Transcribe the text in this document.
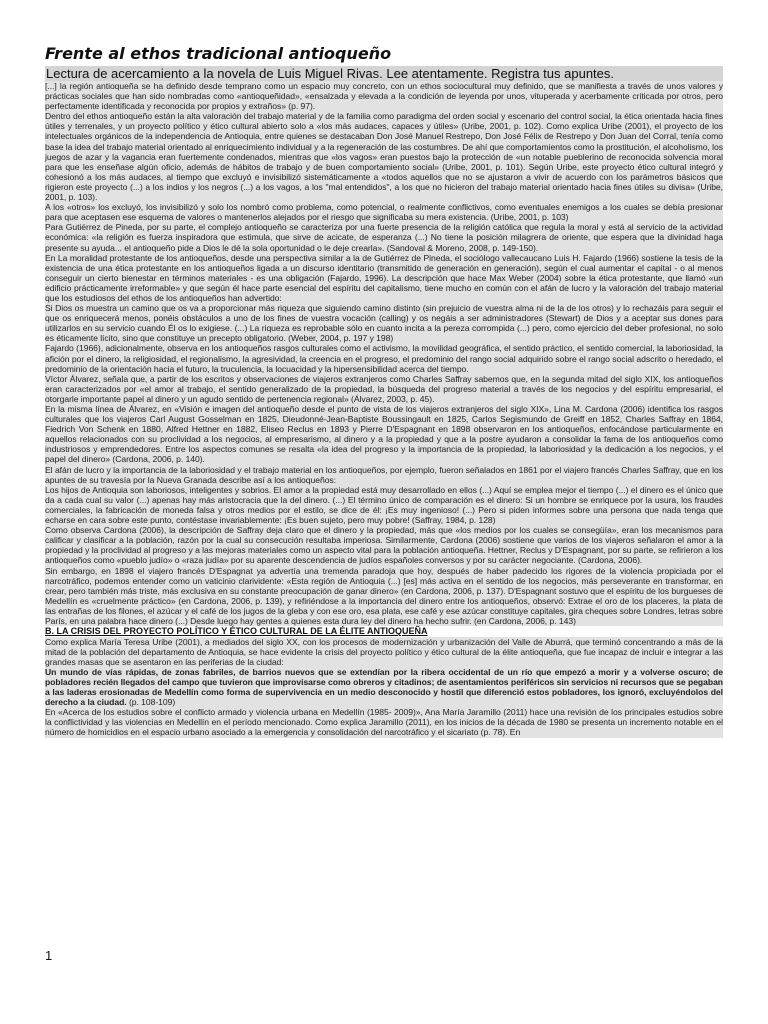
Frente al ethos tradicional antioqueño

Lectura de acercamiento a la novela de Luis Miguel Rivas. Lee atentamente. Registra tus apuntes.

[...] la región antioqueña se ha definido desde temprano como un espacio muy concreto, con un ethos sociocultural muy definido, que se manifiesta a través de unos valores y prácticas sociales que han sido nombradas como «antioqueñidad», «ensalzada y elevada a la condición de leyenda por unos, vituperada y acerbamente criticada por otros, pero perfectamente identificada y reconocida por propios y extraños» (p. 97).

Dentro del ethos antioqueño están la alta valoración del trabajo material y de la familia como paradigma del orden social y escenario del control social, la ética orientada hacia fines útiles y terrenales, y un proyecto político y ético cultural abierto solo a «los más audaces, capaces y útiles» (Uribe, 2001, p. 102). Como explica Uribe (2001), el proyecto de los intelectuales orgánicos de la independencia de Antioquia, entre quienes se destacaban Don José Manuel Restrepo, Don José Félix de Restrepo y Don Juan del Corral, tenía como base la idea del trabajo material orientado al enriquecimiento individual y a la regeneración de las costumbres. De ahí que comportamientos como la prostitución, el alcoholismo, los juegos de azar y la vagancia eran fuertemente condenados, mientras que «los vagos» eran puestos bajo la protección de «un notable pueblerino de reconocida solvencia moral para que les enseñase algún oficio, además de hábitos de trabajo y de buen comportamiento social» (Uribe, 2001, p. 101). Según Uribe, este proyecto ético cultural integró y cohesionó a los más audaces, al tiempo que excluyó e invisibilizó sistemáticamente a «todos aquellos que no se ajustaron a vivir de acuerdo con los parámetros básicos que rigieron este proyecto (...) a los indios y los negros (...) a los vagos, a los "mal entendidos", a los que no hicieron del trabajo material orientado hacia fines útiles su divisa» (Uribe, 2001, p. 103).

A los «otros» los excluyó, los invisibilizó y solo los nombró como problema, como potencial, o realmente conflictivos, como eventuales enemigos a los cuales se debía presionar para que aceptasen ese esquema de valores o mantenerlos alejados por el riesgo que significaba su mera existencia. (Uribe, 2001, p. 103)

Para Gutiérrez de Pineda, por su parte, el complejo antioqueño se caracteriza por una fuerte presencia de la religión católica que regula la moral y está al servicio de la actividad económica: «la religión es fuerza inspiradora que estimula, que sirve de acicate, de esperanza (...) No tiene la posición milagrera de oriente, que espera que la divinidad haga presente su ayuda... el antioqueño pide a Dios le dé la sola oportunidad o le deje crearla». (Sandoval & Moreno, 2008, p. 149-150).

En La moralidad protestante de los antioqueños, desde una perspectiva similar a la de Gutiérrez de Pineda, el sociólogo vallecaucano Luis H. Fajardo (1966) sostiene la tesis de la existencia de una ética protestante en los antioqueños ligada a un discurso identitario (transmitido de generación en generación), según el cual aumentar el capital - o al menos conseguir un cierto bienestar en términos materiales - es una obligación (Fajardo, 1996). La descripción que hace Max Weber (2004) sobre la ética protestante, que llamó «un edificio prácticamente irreformable» y que según él hace parte esencial del espíritu del capitalismo, tiene mucho en común con el afán de lucro y la valoración del trabajo material que los estudiosos del ethos de los antioqueños han advertido:

Si Dios os muestra un camino que os va a proporcionar más riqueza que siguiendo camino distinto (sin prejuicio de vuestra alma ni de la de los otros) y lo rechazáis para seguir el que os enriquecerá menos, ponéis obstáculos a uno de los fines de vuestra vocación (calling) y os negáis a ser administradores (Stewart) de Dios y a aceptar sus dones para utilizarlos en su servicio cuando Él os lo exigiese. (...) La riqueza es reprobable sólo en cuanto incita a la pereza corrompida (...) pero, como ejercicio del deber profesional, no solo es éticamente lícito, sino que constituye un precepto obligatorio. (Weber, 2004, p. 197 y 198)

Fajardo (1966), adicionalmente, observa en los antioqueños rasgos culturales como el activismo, la movilidad geográfica, el sentido práctico, el sentido comercial, la laboriosidad, la afición por el dinero, la religiosidad, el regionalismo, la agresividad, la creencia en el progreso, el predominio del rango social adquirido sobre el rango social adscrito o heredado, el predominio de la orientación hacia el futuro, la truculencia, la locuacidad y la hipersensibilidad acerca del tiempo.

Víctor Álvarez, señala que, a partir de los escritos y observaciones de viajeros extranjeros como Charles Saffray sabemos que, en la segunda mitad del siglo XIX, los antioqueños eran caracterizados por «el amor al trabajo, el sentido generalizado de la propiedad, la búsqueda del progreso material a través de los negocios y del espíritu empresarial, el otorgarle importante papel al dinero y un agudo sentido de pertenencia regional» (Álvarez, 2003, p. 45).

En la misma línea de Álvarez, en «Visión e imagen del antioqueño desde el punto de vista de los viajeros extranjeros del siglo XIX», Lina M. Cardona (2006) identifica los rasgos culturales que los viajeros Carl August Gosselman en 1825, Dieudonné-Jean-Baptiste Boussingault en 1825, Carlos Segismundo de Greiff en 1852, Charles Saffray en 1864, Fiedrich Von Schenk en 1880, Alfred Hettner en 1882, Eliseo Reclus en 1893 y Pierre D'Espagnant en 1898 observaron en los antioqueños, enfocándose particularmente en aquellos relacionados con su proclividad a los negocios, al empresarismo, al dinero y a la propiedad y que a la postre ayudaron a consolidar la fama de los antioqueños como industriosos y emprendedores. Entre los aspectos comunes se resalta «la idea del progreso y la importancia de la propiedad, la laboriosidad y la dedicación a los negocios, y el papel del dinero» (Cardona, 2006, p. 140).

El afán de lucro y la importancia de la laboriosidad y el trabajo material en los antioqueños, por ejemplo, fueron señalados en 1861 por el viajero francés Charles Saffray, que en los apuntes de su travesía por la Nueva Granada describe así a los antioqueños:

Los hijos de Antioquia son laboriosos, inteligentes y sobrios. El amor a la propiedad está muy desarrollado en ellos (...) Aquí se emplea mejor el tiempo (...) el dinero es el único que da a cada cual su valor (...) apenas hay más aristocracia que la del dinero. (...) El término único de comparación es el dinero: Si un hombre se enriquece por la usura, los fraudes comerciales, la fabricación de moneda falsa y otros medios por el estilo, se dice de él: ¡Es muy ingenioso! (...) Pero si piden informes sobre una persona que nada tenga que echarse en cara sobre este punto, contéstase invariablemente: ¡Es buen sujeto, pero muy pobre! (Saffray, 1984, p. 128)

Como observa Cardona (2006), la descripción de Saffray deja claro que el dinero y la propiedad, más que «los medios por los cuales se consegüía», eran los mecanismos para calificar y clasificar a la población, razón por la cual su consecución resultaba imperiosa. Similarmente, Cardona (2006) sostiene que varios de los viajeros señalaron el amor a la propiedad y la proclividad al progreso y a las mejoras materiales como un aspecto vital para la población antioqueña. Hettner, Reclus y D'Espagnant, por su parte, se refirieron a los antioqueños como «pueblo judío» o «raza judía» por su aparente descendencia de judíos españoles conversos y por su carácter negociante. (Cardona, 2006).

Sin embargo, en 1898 el viajero francés D'Espagnat ya advertía una tremenda paradoja que hoy, después de haber padecido los rigores de la violencia propiciada por el narcotráfico, podemos entender como un vaticinio clarividente: «Esta región de Antioquia (...) [es] más activa en el sentido de los negocios, más perseverante en transformar, en crear, pero también más triste, más exclusiva en su constante preocupación de ganar dinero» (en Cardona, 2006, p. 137). D'Espagnant sostuvo que el espíritu de los burgueses de Medellín es «cruelmente práctico» (en Cardona, 2006, p. 139), y refiriéndose a la importancia del dinero entre los antioqueños, observó: Extrae el oro de los placeres, la plata de las entrañas de los filones, el azúcar y el café de los jugos de la gleba y con ese oro, esa plata, ese café y ese azúcar constituye capitales, gira cheques sobre Londres, letras sobre París, en una palabra hace dinero (...) Desde luego hay gentes a quienes esta dura ley del dinero ha hecho sufrir. (en Cardona, 2006, p. 143)

B. LA CRISIS DEL PROYECTO POLÍTICO Y ÉTICO CULTURAL DE LA ÉLITE ANTIOQUEÑA

Como explica María Teresa Uribe (2001), a mediados del siglo XX, con los procesos de modernización y urbanización del Valle de Aburrá, que terminó concentrando a más de la mitad de la población del departamento de Antioquia, se hace evidente la crisis del proyecto político y ético cultural de la élite antioqueña, que fue incapaz de incluir e integrar a las grandes masas que se asentaron en las periferias de la ciudad:

Un mundo de vías rápidas, de zonas fabriles, de barrios nuevos que se extendían por la ribera occidental de un río que empezó a morir y a volverse oscuro; de pobladores recién llegados del campo que tuvieron que improvisarse como obreros y citadinos; de asentamientos periféricos sin servicios ni recursos que se pegaban a las laderas erosionadas de Medellín como forma de supervivencia en un medio desconocido y hostil que diferenció estos pobladores, los ignoró, excluyéndolos del derecho a la ciudad. (p. 108-109)

En «Acerca de los estudios sobre el conflicto armado y violencia urbana en Medellín (1985- 2009)», Ana María Jaramillo (2011) hace una revisión de los principales estudios sobre la conflictividad y las violencias en Medellín en el período mencionado. Como explica Jaramillo (2011), en los inicios de la década de 1980 se presenta un incremento notable en el número de homicidios en el espacio urbano asociado a la emergencia y consolidación del narcotráfico y el sicariato (p. 78). En

1
